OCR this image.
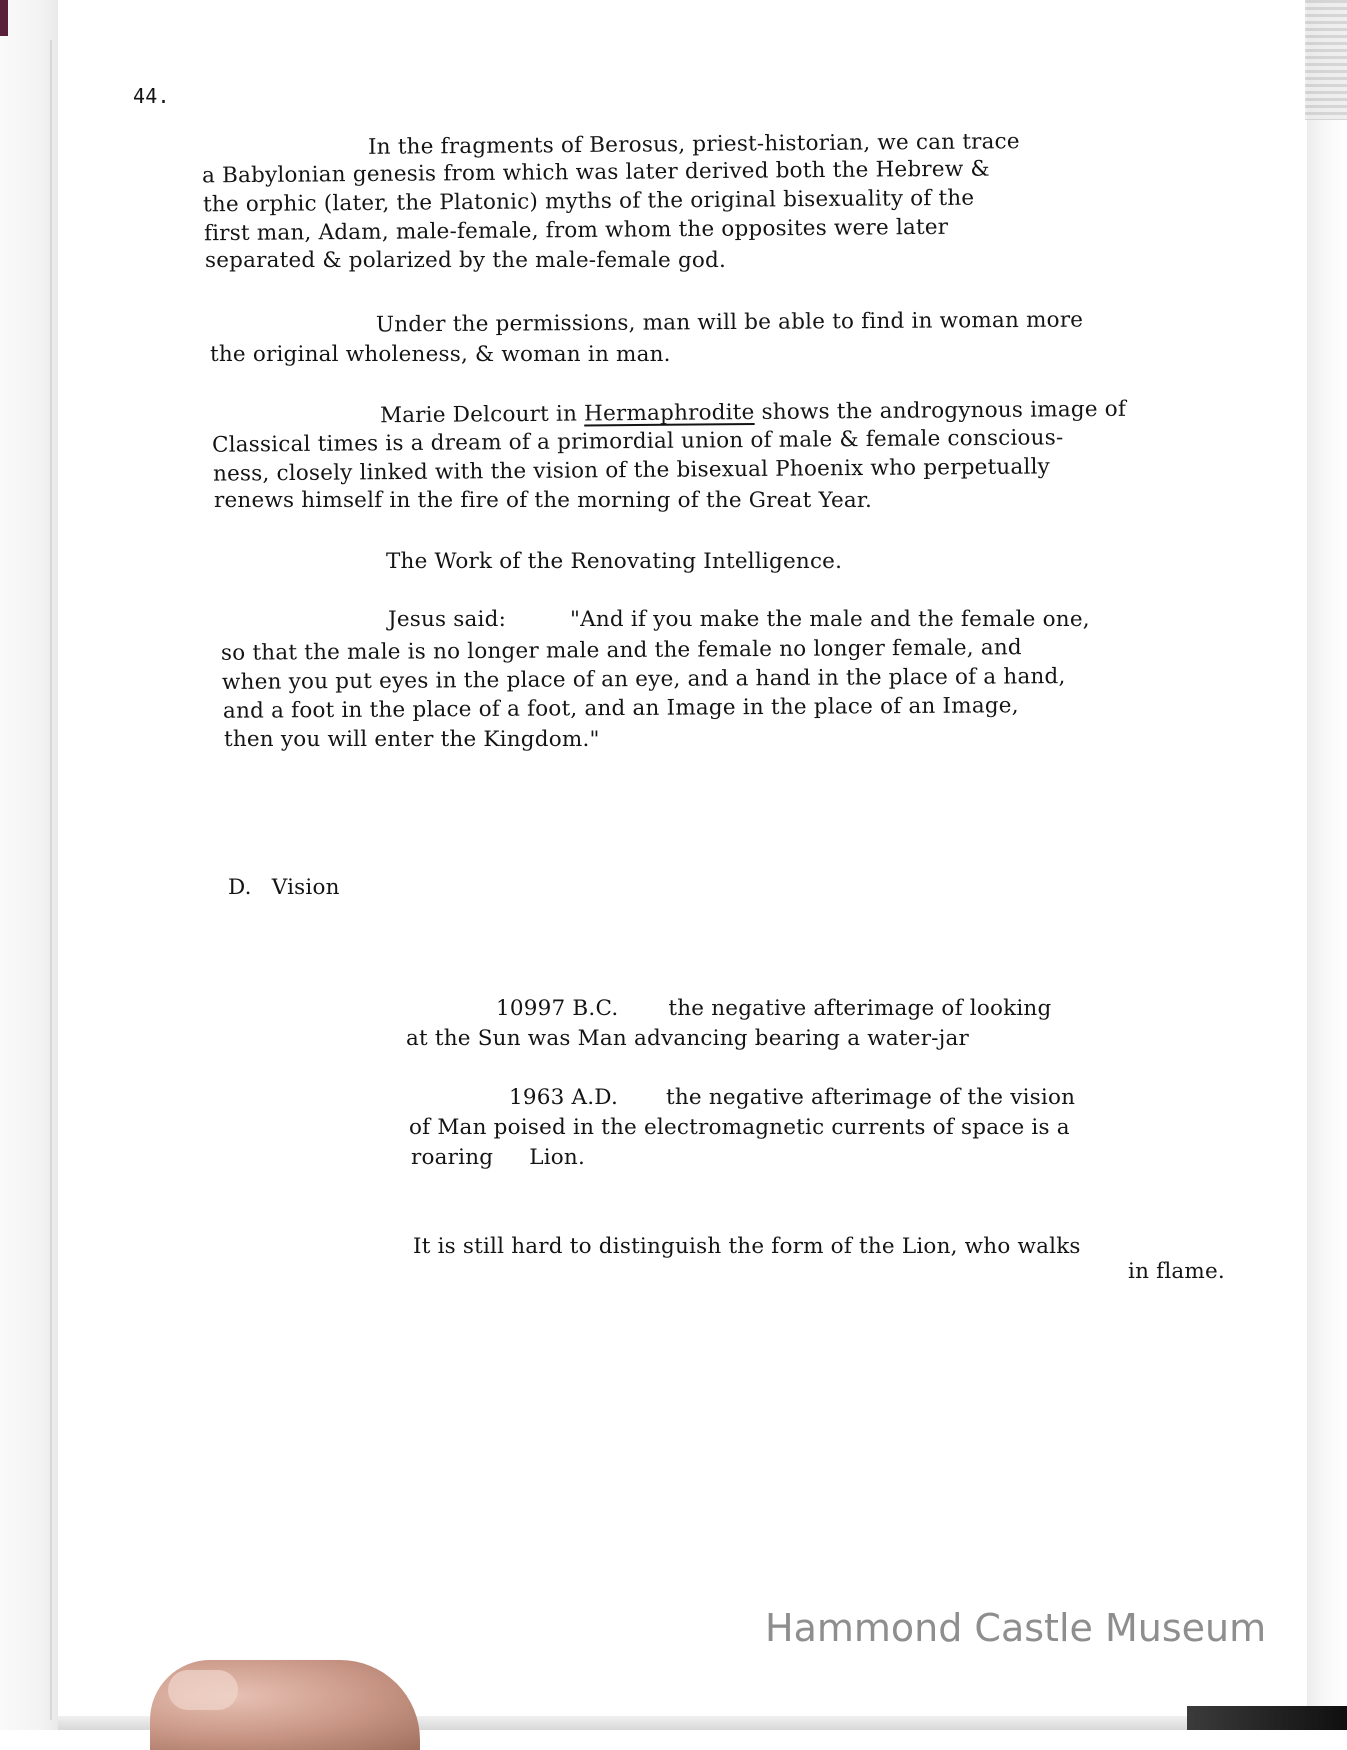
44.
In the fragments of Berosus, priest-historian, we can trace
a Babylonian genesis from which was later derived both the Hebrew &
the orphic (later, the Platonic) myths of the original bisexuality of the
first man, Adam, male-female, from whom the opposites were later
separated & polarized by the male-female god.
Under the permissions, man will be able to find in woman more
the original wholeness, & woman in man.
Marie Delcourt in Hermaphrodite shows the androgynous image of
Classical times is a dream of a primordial union of male & female conscious-
ness, closely linked with the vision of the bisexual Phoenix who perpetually
renews himself in the fire of the morning of the Great Year.
The Work of the Renovating Intelligence.
Jesus said:	"And if you make the male and the female one,
so that the male is no longer male and the female no longer female, and
when you put eyes in the place of an eye, and a hand in the place of a hand,
and a foot in the place of a foot, and an Image in the place of an Image,
then you will enter the Kingdom."
D. Vision
10997 B.C. the negative afterimage of looking
at the Sun was Man advancing bearing a water-jar
1963 A.D. the negative afterimage of the vision
of Man poised in the electromagnetic currents of space is a
roaring Lion.
It is still hard to distinguish the form of the Lion, who walks
in flame.
Hammond Castle Museum
